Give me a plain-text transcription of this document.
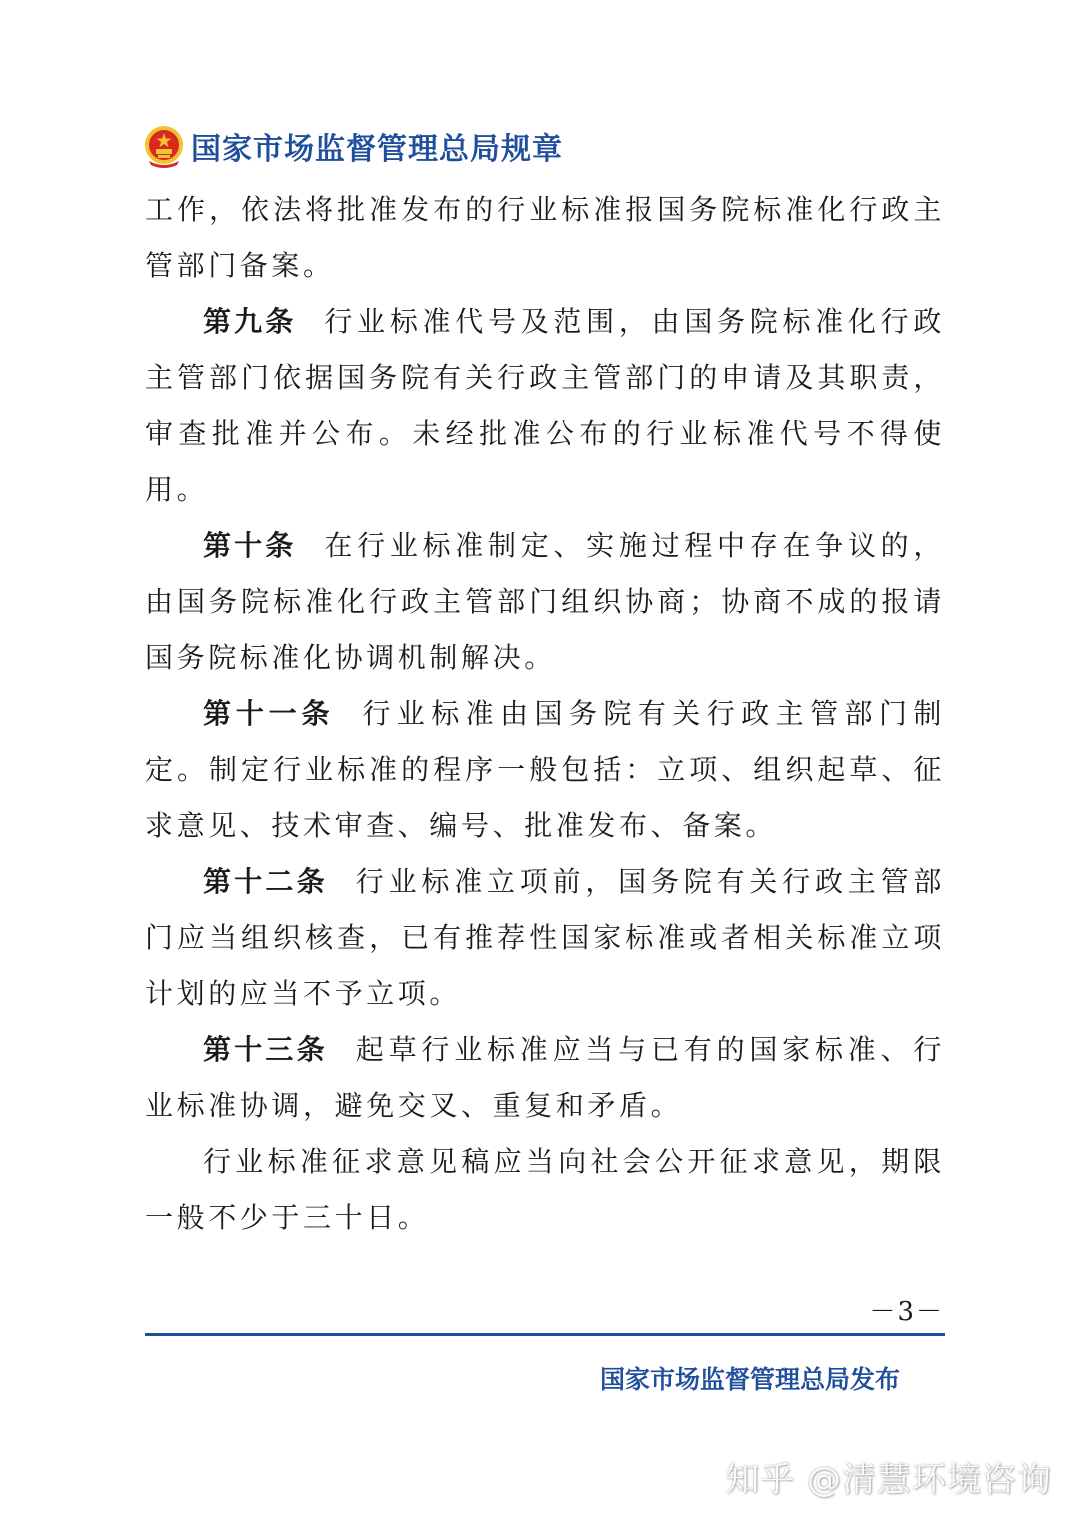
国家市场监督管理总局规章

工作，依法将批准发布的行业标准报国务院标准化行政主管部门备案。

第九条 行业标准代号及范围，由国务院标准化行政主管部门依据国务院有关行政主管部门的申请及其职责，审查批准并公布。未经批准公布的行业标准代号不得使用。

第十条 在行业标准制定、实施过程中存在争议的，由国务院标准化行政主管部门组织协商；协商不成的报请国务院标准化协调机制解决。

第十一条 行业标准由国务院有关行政主管部门制定。制定行业标准的程序一般包括：立项、组织起草、征求意见、技术审查、编号、批准发布、备案。

第十二条 行业标准立项前，国务院有关行政主管部门应当组织核查，已有推荐性国家标准或者相关标准立项计划的应当不予立项。

第十三条 起草行业标准应当与已有的国家标准、行业标准协调，避免交叉、重复和矛盾。

行业标准征求意见稿应当向社会公开征求意见，期限一般不少于三十日。

－3－
国家市场监督管理总局发布
知乎 @清慧环境咨询
